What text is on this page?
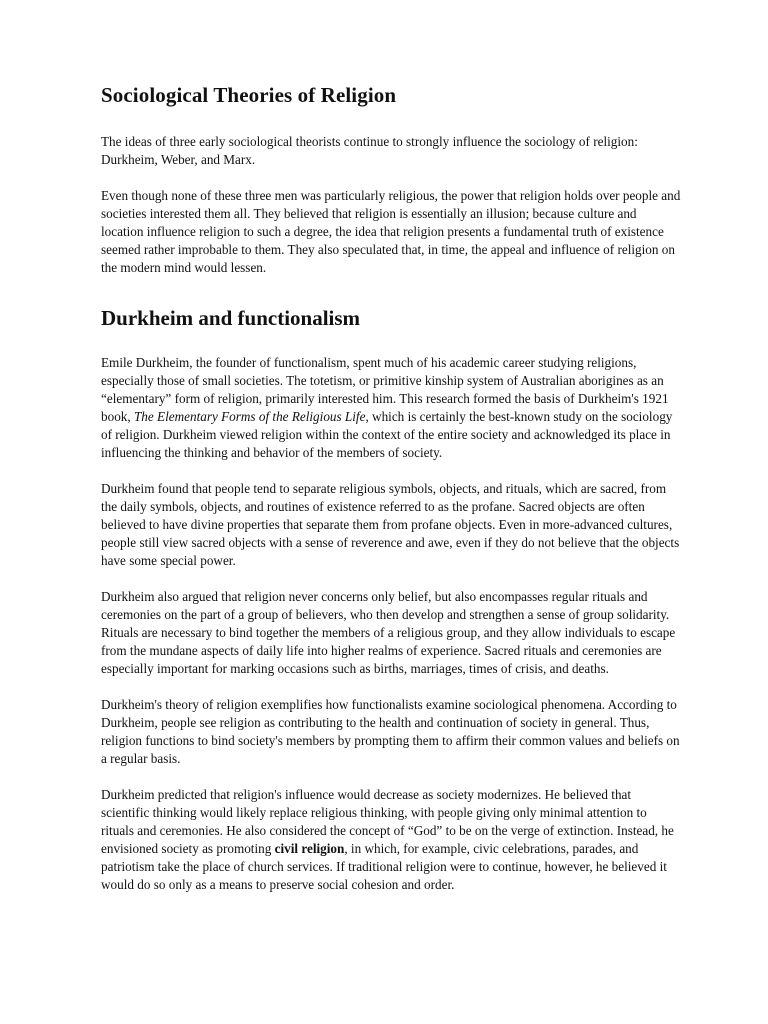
Sociological Theories of Religion

The ideas of three early sociological theorists continue to strongly influence the sociology of religion: Durkheim, Weber, and Marx.

Even though none of these three men was particularly religious, the power that religion holds over people and societies interested them all. They believed that religion is essentially an illusion; because culture and location influence religion to such a degree, the idea that religion presents a fundamental truth of existence seemed rather improbable to them. They also speculated that, in time, the appeal and influence of religion on the modern mind would lessen.

Durkheim and functionalism

Emile Durkheim, the founder of functionalism, spent much of his academic career studying religions, especially those of small societies. The totetism, or primitive kinship system of Australian aborigines as an “elementary” form of religion, primarily interested him. This research formed the basis of Durkheim's 1921 book, The Elementary Forms of the Religious Life, which is certainly the best-known study on the sociology of religion. Durkheim viewed religion within the context of the entire society and acknowledged its place in influencing the thinking and behavior of the members of society.

Durkheim found that people tend to separate religious symbols, objects, and rituals, which are sacred, from the daily symbols, objects, and routines of existence referred to as the profane. Sacred objects are often believed to have divine properties that separate them from profane objects. Even in more-advanced cultures, people still view sacred objects with a sense of reverence and awe, even if they do not believe that the objects have some special power.

Durkheim also argued that religion never concerns only belief, but also encompasses regular rituals and ceremonies on the part of a group of believers, who then develop and strengthen a sense of group solidarity. Rituals are necessary to bind together the members of a religious group, and they allow individuals to escape from the mundane aspects of daily life into higher realms of experience. Sacred rituals and ceremonies are especially important for marking occasions such as births, marriages, times of crisis, and deaths.

Durkheim's theory of religion exemplifies how functionalists examine sociological phenomena. According to Durkheim, people see religion as contributing to the health and continuation of society in general. Thus, religion functions to bind society's members by prompting them to affirm their common values and beliefs on a regular basis.

Durkheim predicted that religion's influence would decrease as society modernizes. He believed that scientific thinking would likely replace religious thinking, with people giving only minimal attention to rituals and ceremonies. He also considered the concept of “God” to be on the verge of extinction. Instead, he envisioned society as promoting civil religion, in which, for example, civic celebrations, parades, and patriotism take the place of church services. If traditional religion were to continue, however, he believed it would do so only as a means to preserve social cohesion and order.
